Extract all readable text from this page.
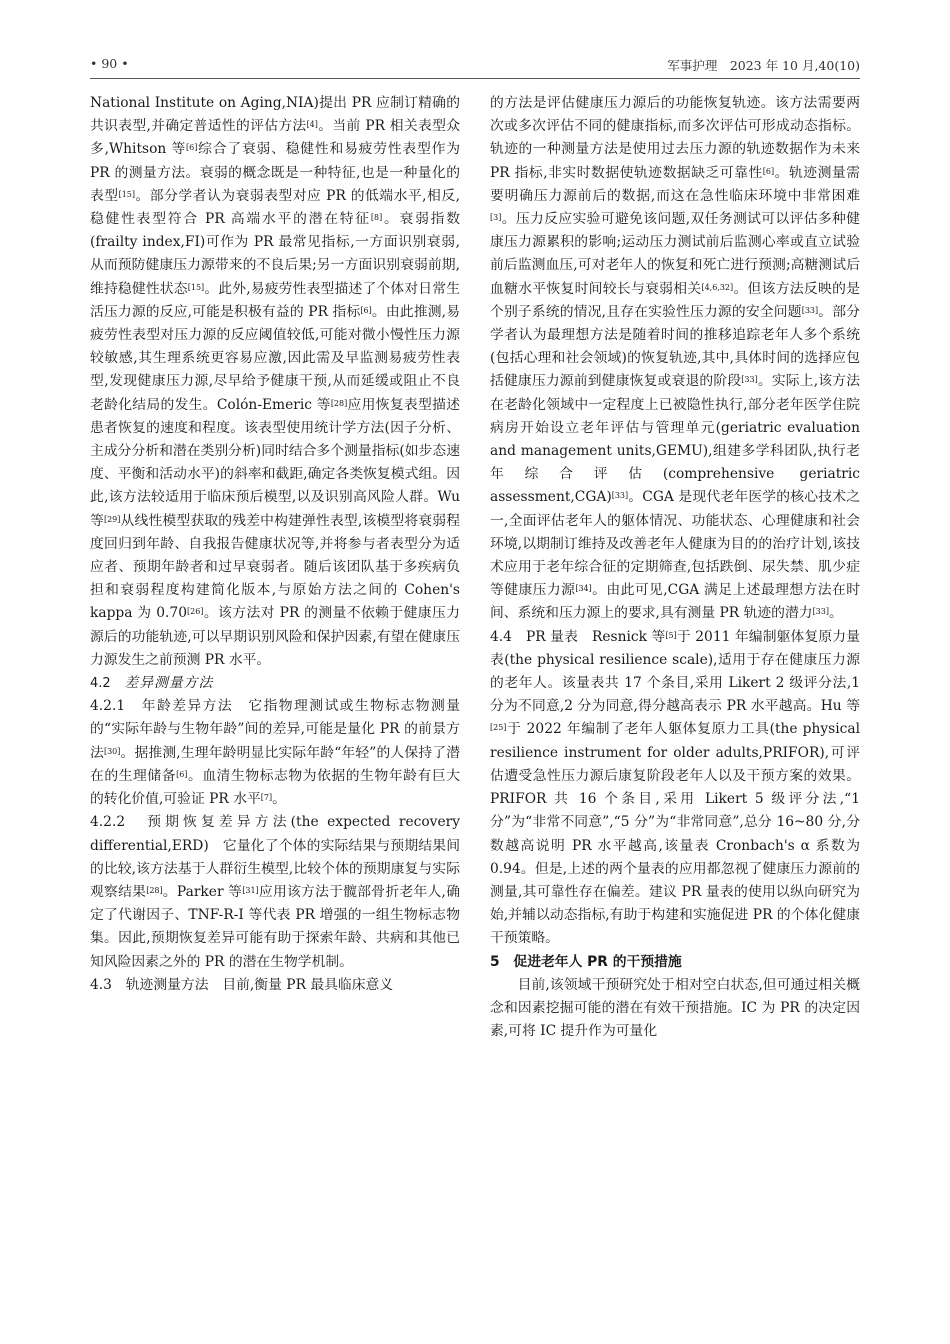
• 90 •	军事护理　2023 年 10 月,40(10)

National Institute on Aging,NIA)提出 PR 应制订精确的共识表型,并确定普适性的评估方法[4]。当前 PR 相关表型众多,Whitson 等[6]综合了衰弱、稳健性和易疲劳性表型作为 PR 的测量方法。衰弱的概念既是一种特征,也是一种量化的表型[15]。部分学者认为衰弱表型对应 PR 的低端水平,相反,稳健性表型符合 PR 高端水平的潜在特征[8]。衰弱指数(frailty index,FI)可作为 PR 最常见指标,一方面识别衰弱,从而预防健康压力源带来的不良后果;另一方面识别衰弱前期,维持稳健性状态[15]。此外,易疲劳性表型描述了个体对日常生活压力源的反应,可能是积极有益的 PR 指标[6]。由此推测,易疲劳性表型对压力源的反应阈值较低,可能对微小慢性压力源较敏感,其生理系统更容易应激,因此需及早监测易疲劳性表型,发现健康压力源,尽早给予健康干预,从而延缓或阻止不良老龄化结局的发生。Colón-Emeric 等[28]应用恢复表型描述患者恢复的速度和程度。该表型使用统计学方法(因子分析、主成分分析和潜在类别分析)同时结合多个测量指标(如步态速度、平衡和活动水平)的斜率和截距,确定各类恢复模式组。因此,该方法较适用于临床预后模型,以及识别高风险人群。Wu 等[29]从线性模型获取的残差中构建弹性表型,该模型将衰弱程度回归到年龄、自我报告健康状况等,并将参与者表型分为适应者、预期年龄者和过早衰弱者。随后该团队基于多疾病负担和衰弱程度构建简化版本,与原始方法之间的 Cohen's kappa 为 0.70[26]。该方法对 PR 的测量不依赖于健康压力源后的功能轨迹,可以早期识别风险和保护因素,有望在健康压力源发生之前预测 PR 水平。

4.2　 差异测量方法

4.2.1　 年龄差异方法　 它指物理测试或生物标志物测量的“实际年龄与生物年龄”间的差异,可能是量化 PR 的前景方法[30]。据推测,生理年龄明显比实际年龄“年轻”的人保持了潜在的生理储备[6]。血清生物标志物为依据的生物年龄有巨大的转化价值,可验证 PR 水平[7]。

4.2.2　 预期恢复差异方法(the expected recovery differential,ERD)　它量化了个体的实际结果与预期结果间的比较,该方法基于人群衍生模型,比较个体的预期康复与实际观察结果[28]。Parker 等[31]应用该方法于髋部骨折老年人,确定了代谢因子、TNF-R-I 等代表 PR 增强的一组生物标志物集。因此,预期恢复差异可能有助于探索年龄、共病和其他已知风险因素之外的 PR 的潜在生物学机制。

4.3　 轨迹测量方法　 目前,衡量 PR 最具临床意义

的方法是评估健康压力源后的功能恢复轨迹。该方法需要两次或多次评估不同的健康指标,而多次评估可形成动态指标。轨迹的一种测量方法是使用过去压力源的轨迹数据作为未来 PR 指标,非实时数据使轨迹数据缺乏可靠性[6]。轨迹测量需要明确压力源前后的数据,而这在急性临床环境中非常困难[3]。压力反应实验可避免该问题,双任务测试可以评估多种健康压力源累积的影响;运动压力测试前后监测心率或直立试验前后监测血压,可对老年人的恢复和死亡进行预测;高糖测试后血糖水平恢复时间较长与衰弱相关[4,6,32]。但该方法反映的是个别子系统的情况,且存在实验性压力源的安全问题[33]。部分学者认为最理想方法是随着时间的推移追踪老年人多个系统(包括心理和社会领域)的恢复轨迹,其中,具体时间的选择应包括健康压力源前到健康恢复或衰退的阶段[33]。实际上,该方法在老龄化领域中一定程度上已被隐性执行,部分老年医学住院病房开始设立老年评估与管理单元(geriatric evaluation and management units,GEMU),组建多学科团队,执行老年综合评估(comprehensive geriatric assessment,CGA)[33]。CGA 是现代老年医学的核心技术之一,全面评估老年人的躯体情况、功能状态、心理健康和社会环境,以期制订维持及改善老年人健康为目的的治疗计划,该技术应用于老年综合征的定期筛查,包括跌倒、尿失禁、肌少症等健康压力源[34]。由此可见,CGA 满足上述最理想方法在时间、系统和压力源上的要求,具有测量 PR 轨迹的潜力[33]。

4.4　 PR 量表　 Resnick 等[5]于 2011 年编制躯体复原力量表(the physical resilience scale),适用于存在健康压力源的老年人。该量表共 17 个条目,采用 Likert 2 级评分法,1 分为不同意,2 分为同意,得分越高表示 PR 水平越高。Hu 等[25]于 2022 年编制了老年人躯体复原力工具(the physical resilience instrument for older adults,PRIFOR),可评估遭受急性压力源后康复阶段老年人以及干预方案的效果。PRIFOR 共 16 个条目,采用 Likert 5 级评分法,“1 分”为“非常不同意”,“5 分”为“非常同意”,总分 16~80 分,分数越高说明 PR 水平越高,该量表 Cronbach's α 系数为 0.94。但是,上述的两个量表的应用都忽视了健康压力源前的测量,其可靠性存在偏差。建议 PR 量表的使用以纵向研究为始,并辅以动态指标,有助于构建和实施促进 PR 的个体化健康干预策略。

5　促进老年人 PR 的干预措施

目前,该领域干预研究处于相对空白状态,但可通过相关概念和因素挖掘可能的潜在有效干预措施。IC 为 PR 的决定因素,可将 IC 提升作为可量化
